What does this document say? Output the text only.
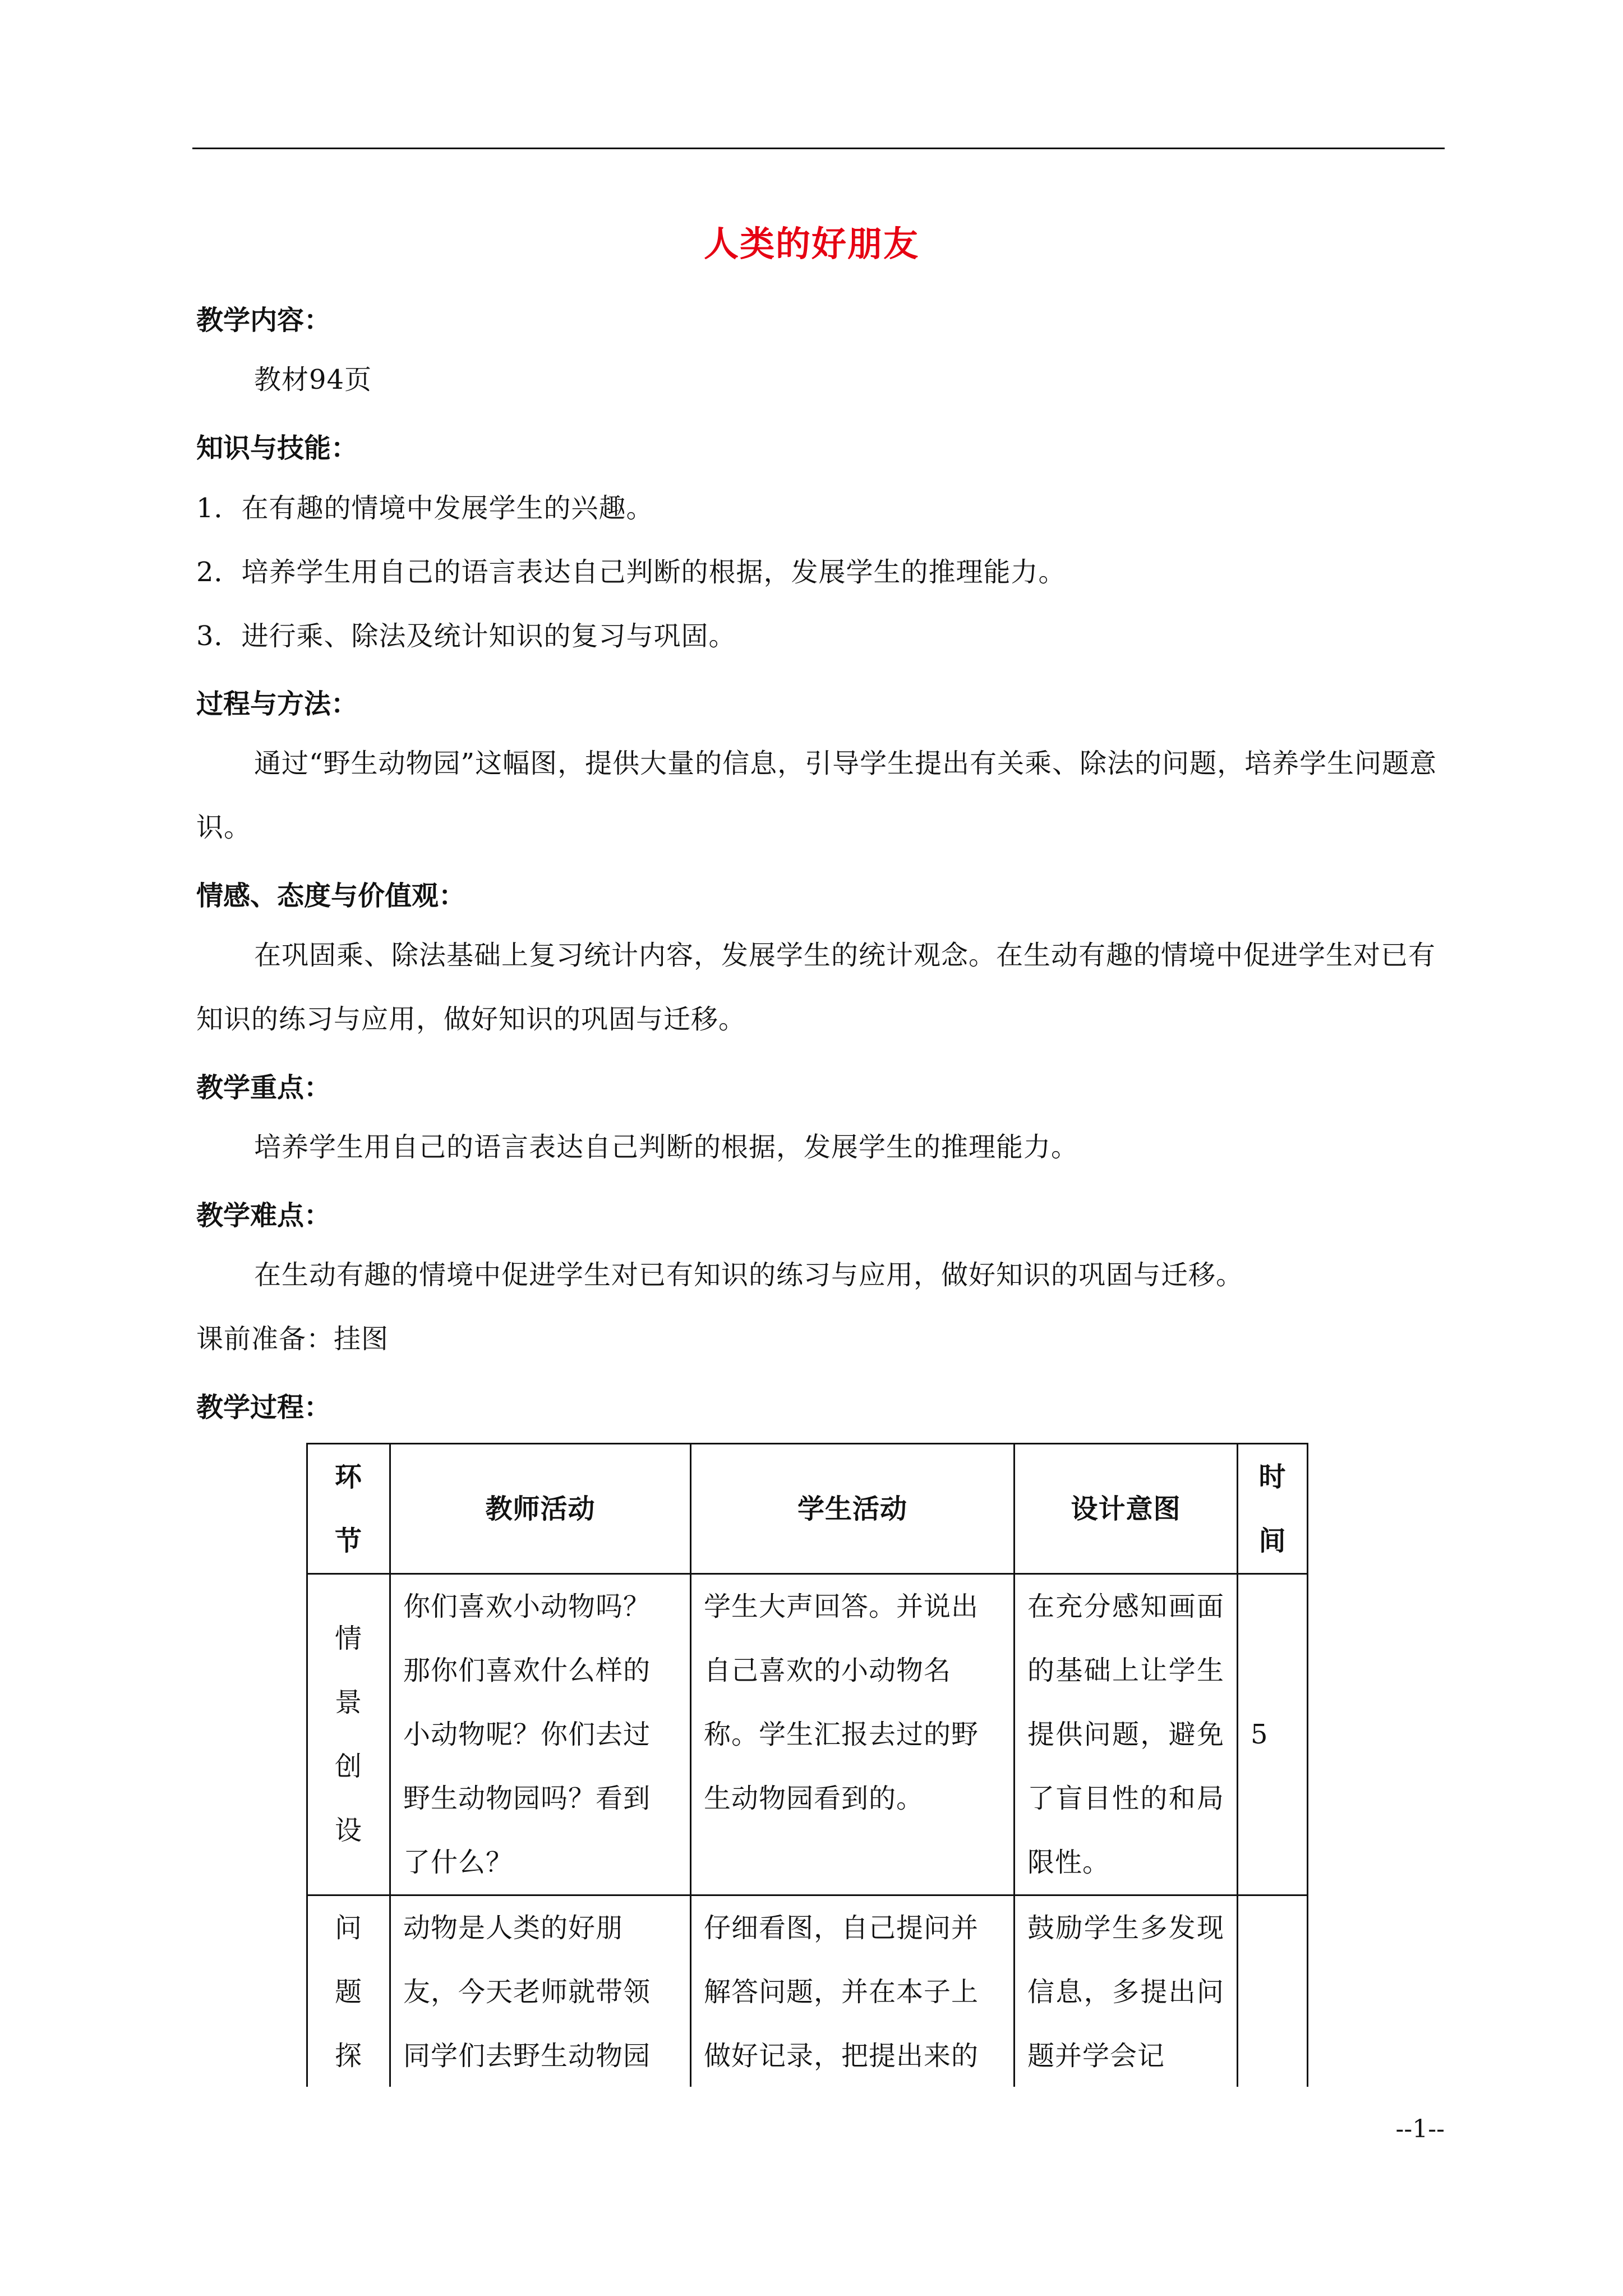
人类的好朋友
教学内容：
教材94页
知识与技能：
1．在有趣的情境中发展学生的兴趣。
2．培养学生用自己的语言表达自己判断的根据，发展学生的推理能力。
3．进行乘、除法及统计知识的复习与巩固。
过程与方法：
通过“野生动物园”这幅图，提供大量的信息，引导学生提出有关乘、除法的问题，培养学生问题意识。
情感、态度与价值观：
在巩固乘、除法基础上复习统计内容，发展学生的统计观念。在生动有趣的情境中促进学生对已有知识的练习与应用，做好知识的巩固与迁移。
教学重点：
培养学生用自己的语言表达自己判断的根据，发展学生的推理能力。
教学难点：
在生动有趣的情境中促进学生对已有知识的练习与应用，做好知识的巩固与迁移。
课前准备：挂图
教学过程：
环
节	教师活动	学生活动	设计意图	时
间

情
景
创
设	你们喜欢小动物吗？那你们喜欢什么样的小动物呢？你们去过野生动物园吗？看到了什么？	学生大声回答。并说出自己喜欢的小动物名称。学生汇报去过的野生动物园看到的。	在充分感知画面的基础上让学生提供问题，避免了盲目性的和局限性。	5

问
题
探	动物是人类的好朋友，今天老师就带领同学们去野生动物园	仔细看图，自己提问并解答问题，并在本子上做好记录，把提出来的	鼓励学生多发现信息，多提出问题并学会记	
--1--
